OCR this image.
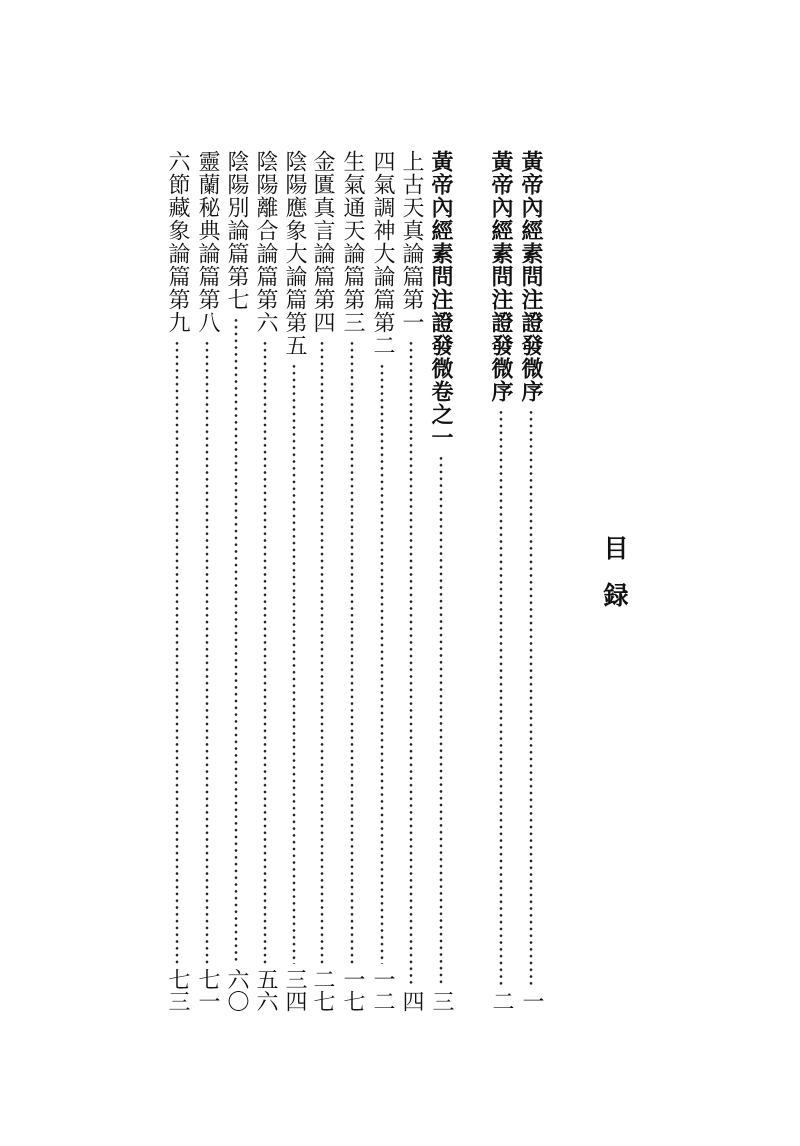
目録
黃帝內經素問注證發微序
一
黃帝內經素問注證發微序
二
黃帝內經素問注證發微卷之一
三
上古天真論篇第一
四
四氣調神大論篇第二
一二
生氣通天論篇第三
一七
金匱真言論篇第四
二七
陰陽應象大論篇第五
三四
陰陽離合論篇第六
五六
陰陽別論篇第七
六〇
靈蘭秘典論篇第八
七一
六節藏象論篇第九
七三
